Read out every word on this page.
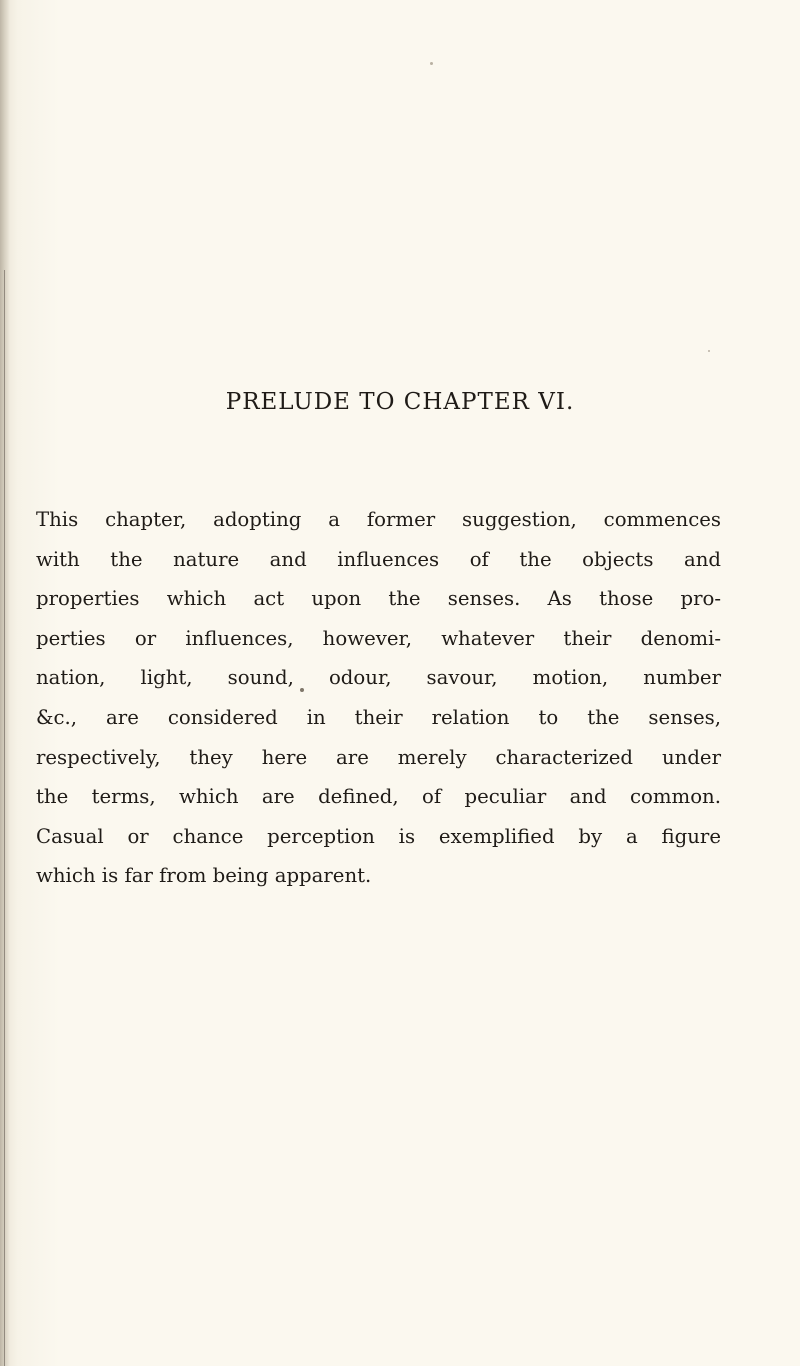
PRELUDE TO CHAPTER VI.
This chapter, adopting a former suggestion, commences
with the nature and influences of the objects and
properties which act upon the senses. As those pro-
perties or influences, however, whatever their denomi-
nation, light, sound, odour, savour, motion, number
&c., are considered in their relation to the senses,
respectively, they here are merely characterized under
the terms, which are defined, of peculiar and common.
Casual or chance perception is exemplified by a figure
which is far from being apparent.
